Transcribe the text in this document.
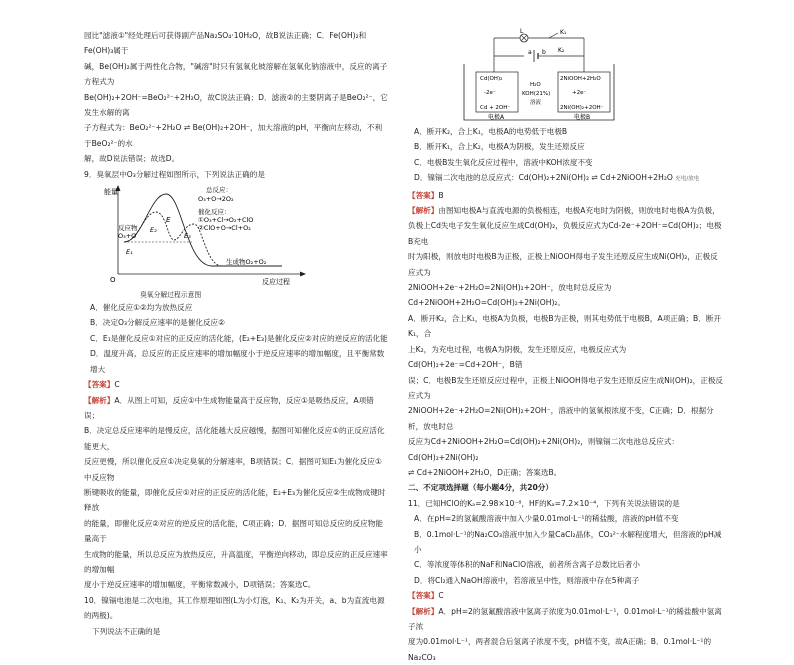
园比"滤液①"经处理后可获得副产品Na₂SO₄·10H₂O，故B说法正确；C．Fe(OH)₂和Fe(OH)₃属于

碱，Be(OH)₂属于两性化合物，"碱溶"时只有氢氧化铍溶解在氢氧化钠溶液中，反应的离子方程式为

Be(OH)₂+2OH⁻=BeO₂²⁻+2H₂O，故C说法正确；D．滤液②的主要阴离子是BeO₂²⁻，它发生水解的离

子方程式为：BeO₂²⁻+2H₂O ⇌ Be(OH)₂+2OH⁻，加大溶液的pH，平衡向左移动，不利于BeO₂²⁻的水

解，故D说法错误；故选D。

9．臭氧层中O₃分解过程如图所示，下列说法正确的是

能量
O	反应过程
反应物
O₃+O
生成物O₂+O₂
E
E₁
E₂
E₃
总反应：
O₃+O→2O₂
催化反应：
①O₃+Cl→O₂+ClO
②ClO+O→Cl+O₂
臭氧分解过程示意图

A．催化反应①②均为放热反应

B．决定O₃分解反应速率的是催化反应②

C．E₁是催化反应①对应的正反应的活化能，(E₂+E₃)是催化反应②对应的逆反应的活化能

D．温度升高，总反应的正反应速率的增加幅度小于逆反应速率的增加幅度，且平衡常数增大

【答案】C

【解析】A．从图上可知，反应①中生成物能量高于反应物，反应①是吸热反应，A项错误；

B．决定总反应速率的是慢反应，活化能越大反应越慢，据图可知催化反应①的正反应活化能更大，

反应更慢，所以催化反应①决定臭氧的分解速率，B项错误；C．据图可知E₁为催化反应①中反应物

断键吸收的能量，即催化反应①对应的正反应的活化能，E₂+E₃为催化反应②生成物成键时释放

的能量，即催化反应②对应的逆反应的活化能，C项正确；D．据图可知总反应的反应物能量高于

生成物的能量，所以总反应为放热反应，升高温度，平衡逆向移动，即总反应的正反应速率的增加幅

度小于逆反应速率的增加幅度，平衡常数减小，D项错误；答案选C。

10．镍镉电池是二次电池，其工作原理如图(L为小灯泡，K₁、K₂为开关，a、b为直流电源的两极)。

下列说法不正确的是

L	K₁
a b K₂
Cd(OH)₂
-2e⁻
Cd + 2OH⁻
2NiOOH+2H₂O
+2e⁻
2Ni(OH)₂+2OH⁻
H₂O
KOH(21%)
溶液
电极A	电极B

A．断开K₂，合上K₁，电极A的电势低于电极B

B．断开K₁，合上K₂，电极A为阴极，发生还原反应

C．电极B发生氧化反应过程中，溶液中KOH浓度不变

D．镍镉二次电池的总反应式：Cd(OH)₂+2Ni(OH)₂ ⇌ Cd+2NiOOH+2H₂O 充电/放电

【答案】B

【解析】由图知电极A与直流电源的负极相连，电极A充电时为阴极，则放电时电极A为负极，

负极上Cd失电子发生氧化反应生成Cd(OH)₂，负极反应式为Cd-2e⁻+2OH⁻=Cd(OH)₂；电极B充电

时为阳极，则放电时电极B为正极，正极上NiOOH得电子发生还原反应生成Ni(OH)₂，正极反应式为

2NiOOH+2e⁻+2H₂O=2Ni(OH)₂+2OH⁻，放电时总反应为Cd+2NiOOH+2H₂O=Cd(OH)₂+2Ni(OH)₂。

A．断开K₂，合上K₁，电极A为负极，电极B为正极，则其电势低于电极B，A项正确；B．断开K₁，合

上K₂，为充电过程，电极A为阴极，发生还原反应，电极反应式为Cd(OH)₂+2e⁻=Cd+2OH⁻，B错

误；C．电极B发生还原反应过程中，正极上NiOOH得电子发生还原反应生成Ni(OH)₂，正极反应式为

2NiOOH+2e⁻+2H₂O=2Ni(OH)₂+2OH⁻，溶液中的氢氧根浓度不变，C正确；D．根据分析，放电时总

反应为Cd+2NiOOH+2H₂O=Cd(OH)₂+2Ni(OH)₂，则镍镉二次电池总反应式：Cd(OH)₂+2Ni(OH)₂

⇌ Cd+2NiOOH+2H₂O，D正确；答案选B。

二、不定项选择题（每小题4分，共20分）

11．已知HClO的Kₐ=2.98×10⁻⁸，HF的Kₐ=7.2×10⁻⁴，下列有关说法错误的是

A．在pH=2的氢氟酸溶液中加入少量0.01mol·L⁻¹的稀盐酸，溶液的pH值不变

B．0.1mol·L⁻¹的Na₂CO₃溶液中加入少量CaCl₂晶体，CO₃²⁻水解程度增大，但溶液的pH减小

C．等浓度等体积的NaF和NaClO溶液，前者所含离子总数比后者小

D．将Cl₂通入NaOH溶液中，若溶液呈中性，则溶液中存在5种离子

【答案】C

【解析】A．pH=2的氢氟酸溶液中氢离子浓度为0.01mol·L⁻¹，0.01mol·L⁻¹的稀盐酸中氢离子浓

度为0.01mol·L⁻¹，两者混合后氢离子浓度不变，pH值不变，故A正确；B．0.1mol·L⁻¹的Na₂CO₃
